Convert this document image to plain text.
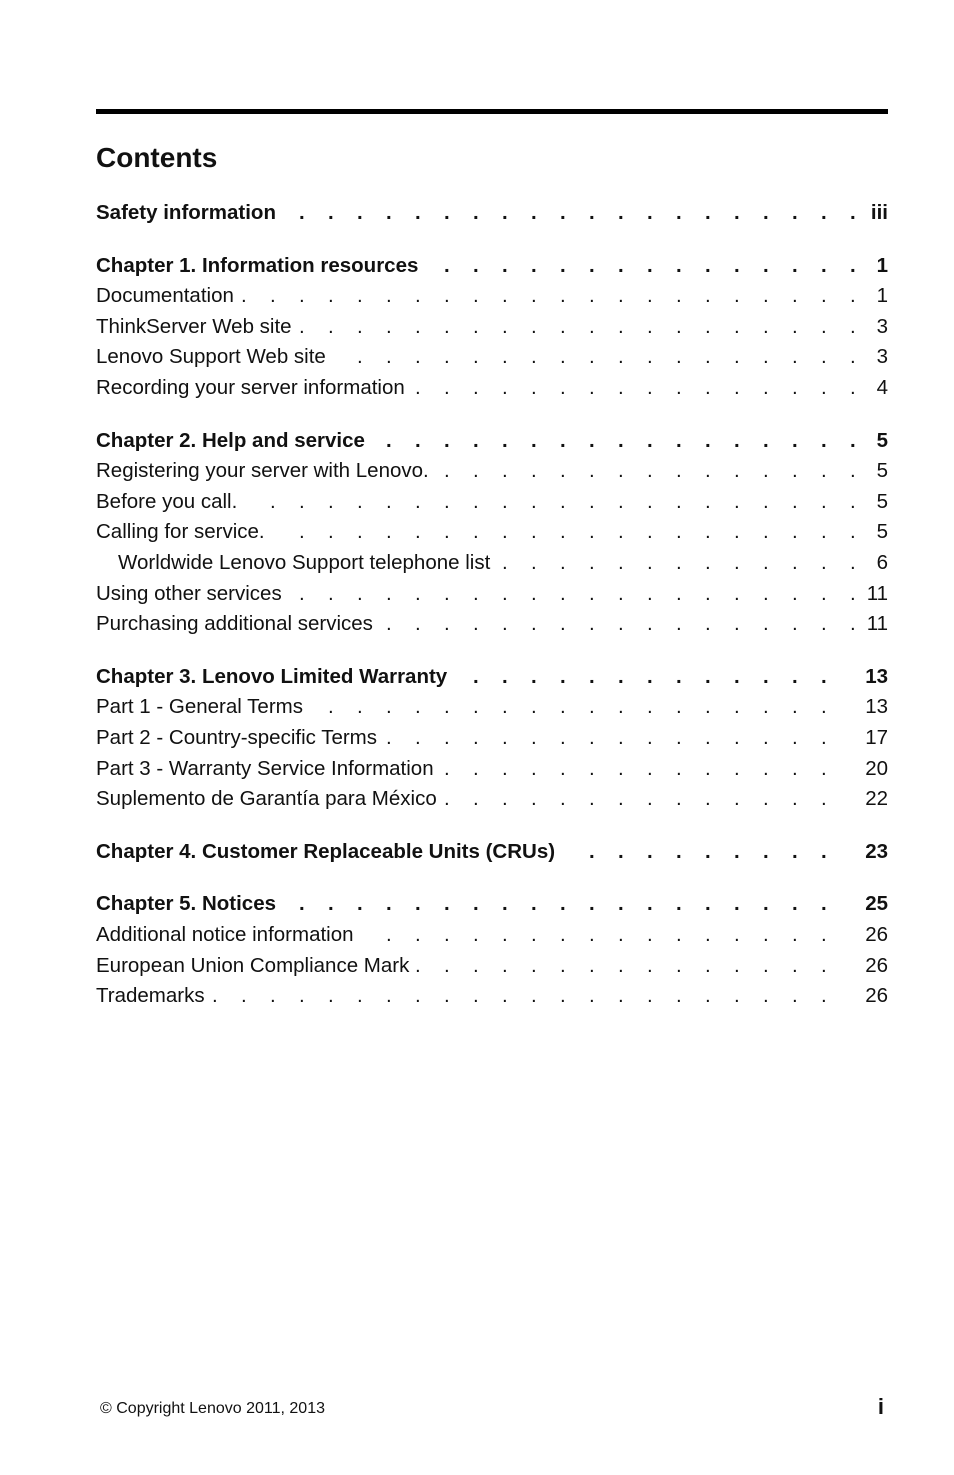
Contents
Safety information . . . . . . . . . . . . . . . . . . . . iii
Chapter 1. Information resources . . . . . . . . . . . . . . . 1
Documentation . . . . . . . . . . . . . . . . . . . . . . 1
ThinkServer Web site . . . . . . . . . . . . . . . . . . . . 3
Lenovo Support Web site . . . . . . . . . . . . . . . . . . 3
Recording your server information . . . . . . . . . . . . . . . . 4
Chapter 2. Help and service . . . . . . . . . . . . . . . . . 5
Registering your server with Lenovo. . . . . . . . . . . . . . . . 5
Before you call. . . . . . . . . . . . . . . . . . . . . . 5
Calling for service. . . . . . . . . . . . . . . . . . . . . 5
Worldwide Lenovo Support telephone list . . . . . . . . . . . . . 6
Using other services . . . . . . . . . . . . . . . . . . . . 11
Purchasing additional services . . . . . . . . . . . . . . . . . 11
Chapter 3. Lenovo Limited Warranty . . . . . . . . . . . . . 13
Part 1 - General Terms . . . . . . . . . . . . . . . . . . 13
Part 2 - Country-specific Terms . . . . . . . . . . . . . . . . 17
Part 3 - Warranty Service Information . . . . . . . . . . . . . . 20
Suplemento de Garantía para México . . . . . . . . . . . . . . 22
Chapter 4. Customer Replaceable Units (CRUs) . . . . . . . . . 23
Chapter 5. Notices . . . . . . . . . . . . . . . . . . . 25
Additional notice information . . . . . . . . . . . . . . . . 26
European Union Compliance Mark . . . . . . . . . . . . . . . 26
Trademarks . . . . . . . . . . . . . . . . . . . . . . 26
© Copyright Lenovo 2011, 2013	i
